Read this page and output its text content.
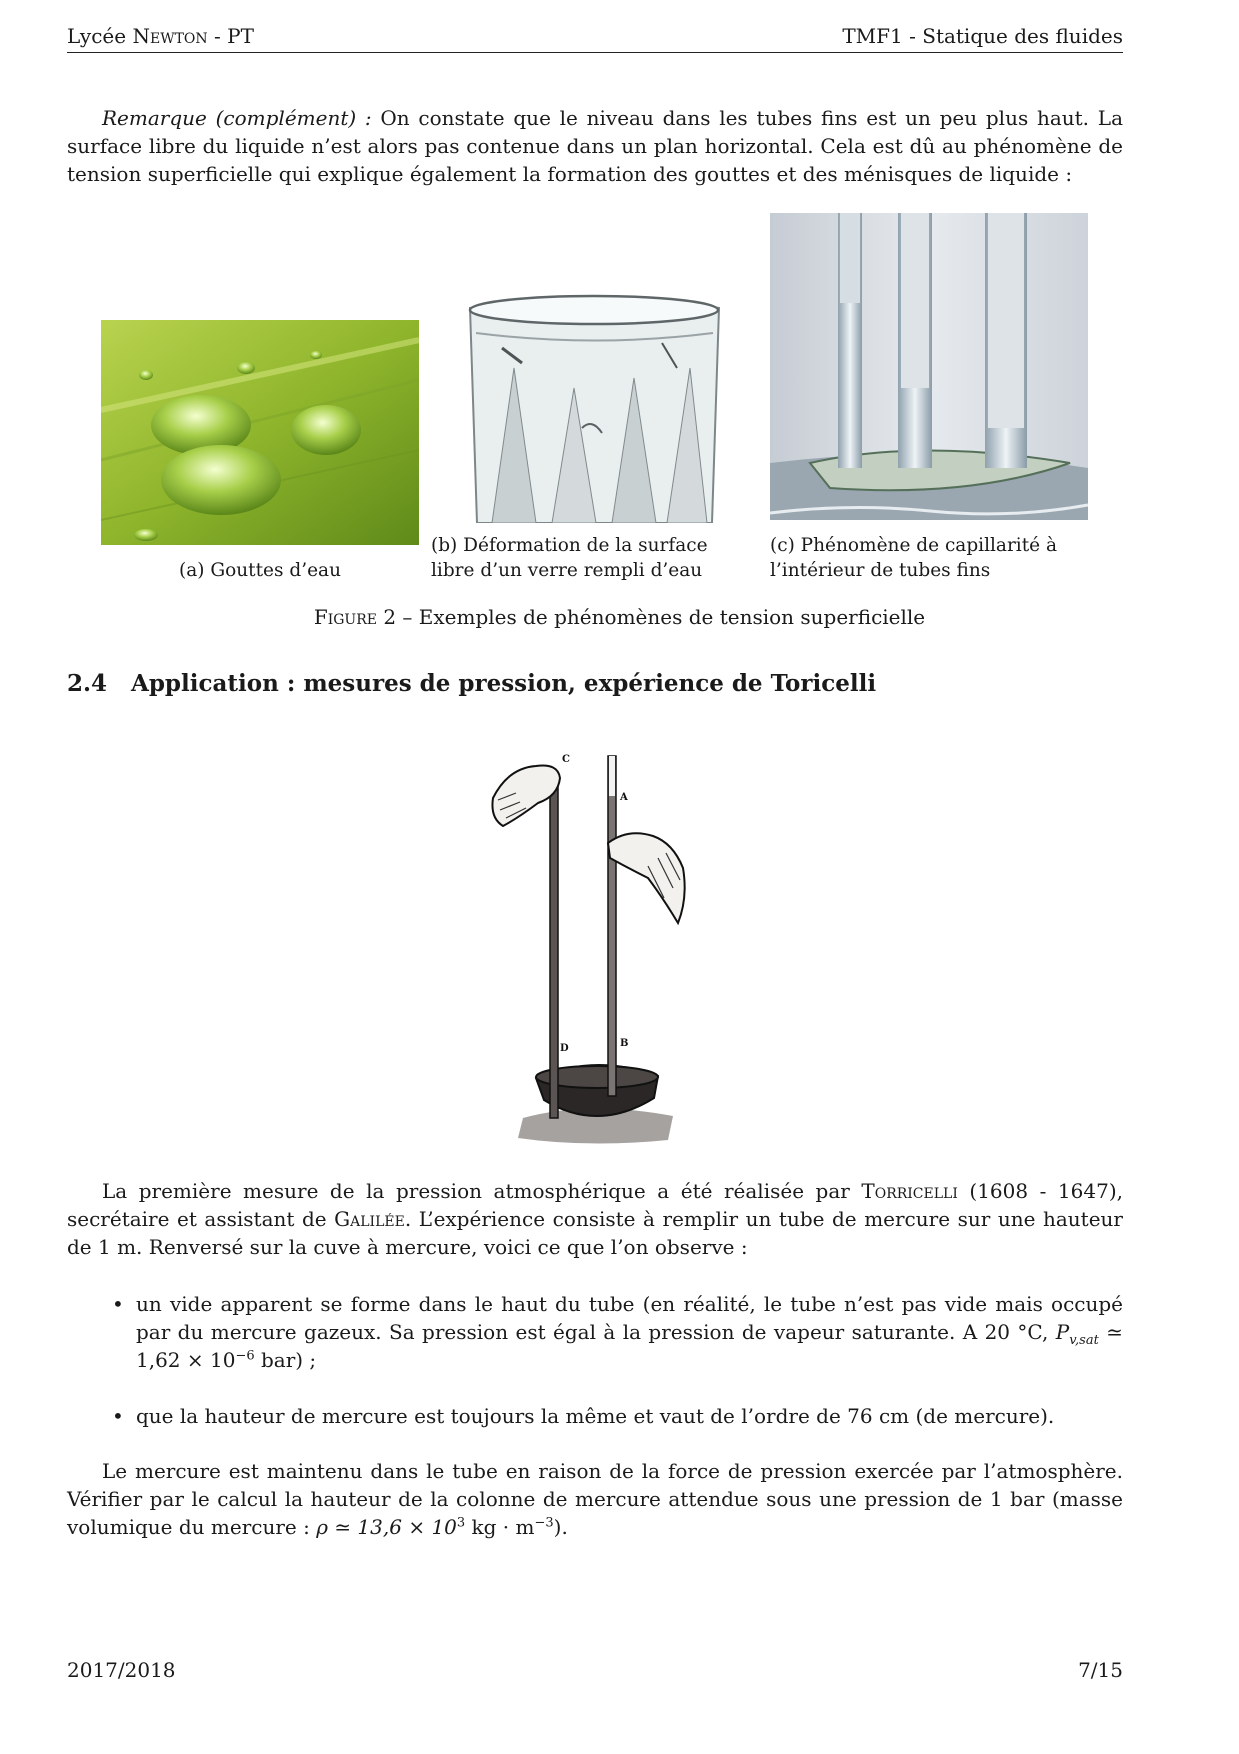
Lycée Newton - PT	TMF1 - Statique des fluides

Remarque (complément) : On constate que le niveau dans les tubes fins est un peu plus haut. La surface libre du liquide n’est alors pas contenue dans un plan horizontal. Cela est dû au phénomène de tension superficielle qui explique également la formation des gouttes et des ménisques de liquide :

(a) Gouttes d’eau

(b) Déformation de la surface libre d’un verre rempli d’eau

(c) Phénomène de capillarité à l’intérieur de tubes fins

Figure 2 – Exemples de phénomènes de tension superficielle
2.4 Application : mesures de pression, expérience de Toricelli
C
A
D	B

La première mesure de la pression atmosphérique a été réalisée par Torricelli (1608 - 1647), secrétaire et assistant de Galilée. L’expérience consiste à remplir un tube de mercure sur une hauteur de 1 m. Renversé sur la cuve à mercure, voici ce que l’on observe :

• un vide apparent se forme dans le haut du tube (en réalité, le tube n’est pas vide mais occupé par du mercure gazeux. Sa pression est égal à la pression de vapeur saturante. A 20 °C, $P_{v,sat}$ ≃ $1,62 \times 10^{-6}$ bar) ;
• que la hauteur de mercure est toujours la même et vaut de l’ordre de 76 cm (de mercure).

Le mercure est maintenu dans le tube en raison de la force de pression exercée par l’atmosphère. Vérifier par le calcul la hauteur de la colonne de mercure attendue sous une pression de 1 bar (masse volumique du mercure : ρ ≃ $13,6 \times 10^3$ kg · $m^{-3}$).

2017/2018	7/15
